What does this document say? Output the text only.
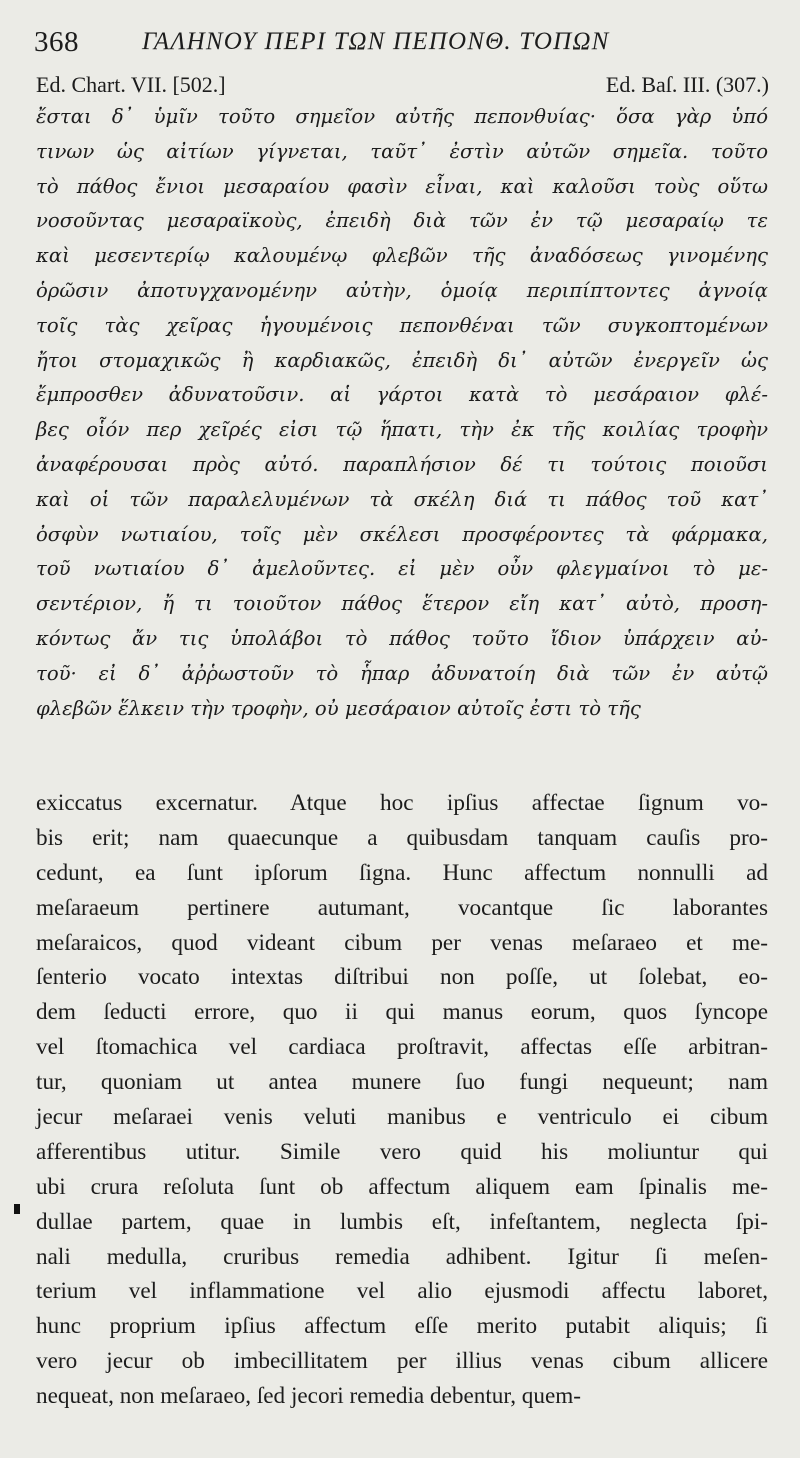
368	ΓΑΛΗΝΟΥ ΠΕΡΙ ΤΩΝ ΠΕΠΟΝΘ. ΤΟΠΩΝ
Ed. Chart. VII. [502.]	Ed. Baſ. III. (307.)
ἔσται δ᾽ ὑμῖν τοῦτο σημεῖον αὐτῆς πεπονθυίας· ὅσα γὰρ ὑπό
τινων ὡς αἰτίων γίγνεται, ταῦτ᾽ ἐστὶν αὐτῶν σημεῖα. τοῦτο
τὸ πάθος ἔνιοι μεσαραίου φασὶν εἶναι, καὶ καλοῦσι τοὺς οὕτω
νοσοῦντας μεσαραϊκοὺς, ἐπειδὴ διὰ τῶν ἐν τῷ μεσαραίῳ τε
καὶ μεσεντερίῳ καλουμένῳ φλεβῶν τῆς ἀναδόσεως γινομένης
ὁρῶσιν ἀποτυγχανομένην αὐτὴν, ὁμοίᾳ περιπίπτοντες ἀγνοίᾳ
τοῖς τὰς χεῖρας ἡγουμένοις πεπονθέναι τῶν συγκοπτομένων
ἤτοι στομαχικῶς ἢ καρδιακῶς, ἐπειδὴ δι᾽ αὐτῶν ἐνεργεῖν ὡς
ἔμπροσθεν ἀδυνατοῦσιν. αἱ γάρτοι κατὰ τὸ μεσάραιον φλέ-
βες οἷόν περ χεῖρές εἰσι τῷ ἥπατι, τὴν ἐκ τῆς κοιλίας τροφὴν
ἀναφέρουσαι πρὸς αὐτό. παραπλήσιον δέ τι τούτοις ποιοῦσι
καὶ οἱ τῶν παραλελυμένων τὰ σκέλη διά τι πάθος τοῦ κατ᾽
ὀσφὺν νωτιαίου, τοῖς μὲν σκέλεσι προσφέροντες τὰ φάρμακα,
τοῦ νωτιαίου δ᾽ ἀμελοῦντες. εἰ μὲν οὖν φλεγμαίνοι τὸ με-
σεντέριον, ἤ τι τοιοῦτον πάθος ἕτερον εἴη κατ᾽ αὐτὸ, προση-
κόντως ἄν τις ὑπολάβοι τὸ πάθος τοῦτο ἴδιον ὑπάρχειν αὐ-
τοῦ· εἰ δ᾽ ἀῤῥωστοῦν τὸ ἧπαρ ἀδυνατοίη διὰ τῶν ἐν αὐτῷ
φλεβῶν ἕλκειν τὴν τροφὴν, οὐ μεσάραιον αὐτοῖς ἐστι τὸ τῆς
exiccatus excernatur. Atque hoc ipſius affectae ſignum vo-
bis erit; nam quaecunque a quibusdam tanquam cauſis pro-
cedunt, ea ſunt ipſorum ſigna. Hunc affectum nonnulli ad
meſaraeum pertinere autumant, vocantque ſic laborantes
meſaraicos, quod videant cibum per venas meſaraeo et me-
ſenterio vocato intextas diſtribui non poſſe, ut ſolebat, eo-
dem ſeducti errore, quo ii qui manus eorum, quos ſyncope
vel ſtomachica vel cardiaca proſtravit, affectas eſſe arbitran-
tur, quoniam ut antea munere ſuo fungi nequeunt; nam
jecur meſaraei venis veluti manibus e ventriculo ei cibum
afferentibus utitur. Simile vero quid his moliuntur qui
ubi crura reſoluta ſunt ob affectum aliquem eam ſpinalis me-
dullae partem, quae in lumbis eſt, infeſtantem, neglecta ſpi-
nali medulla, cruribus remedia adhibent. Igitur ſi meſen-
terium vel inflammatione vel alio ejusmodi affectu laboret,
hunc proprium ipſius affectum eſſe merito putabit aliquis; ſi
vero jecur ob imbecillitatem per illius venas cibum allicere
nequeat, non meſaraeo, ſed jecori remedia debentur, quem-
